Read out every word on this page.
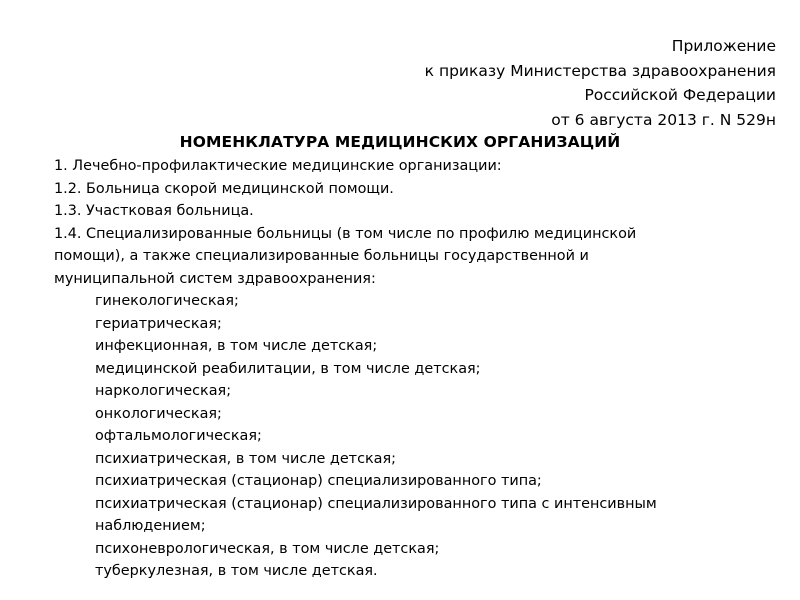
Приложение
к приказу Министерства здравоохранения
Российской Федерации
от 6 августа 2013 г. N 529н
НОМЕНКЛАТУРА МЕДИЦИНСКИХ ОРГАНИЗАЦИЙ
1. Лечебно-профилактические медицинские организации:
1.2. Больница скорой медицинской помощи.
1.3. Участковая больница.
1.4. Специализированные больницы (в том числе по профилю медицинской
помощи), а также специализированные больницы государственной и
муниципальной систем здравоохранения:
гинекологическая;
гериатрическая;
инфекционная, в том числе детская;
медицинской реабилитации, в том числе детская;
наркологическая;
онкологическая;
офтальмологическая;
психиатрическая, в том числе детская;
психиатрическая (стационар) специализированного типа;
психиатрическая (стационар) специализированного типа с интенсивным
наблюдением;
психоневрологическая, в том числе детская;
туберкулезная, в том числе детская.
